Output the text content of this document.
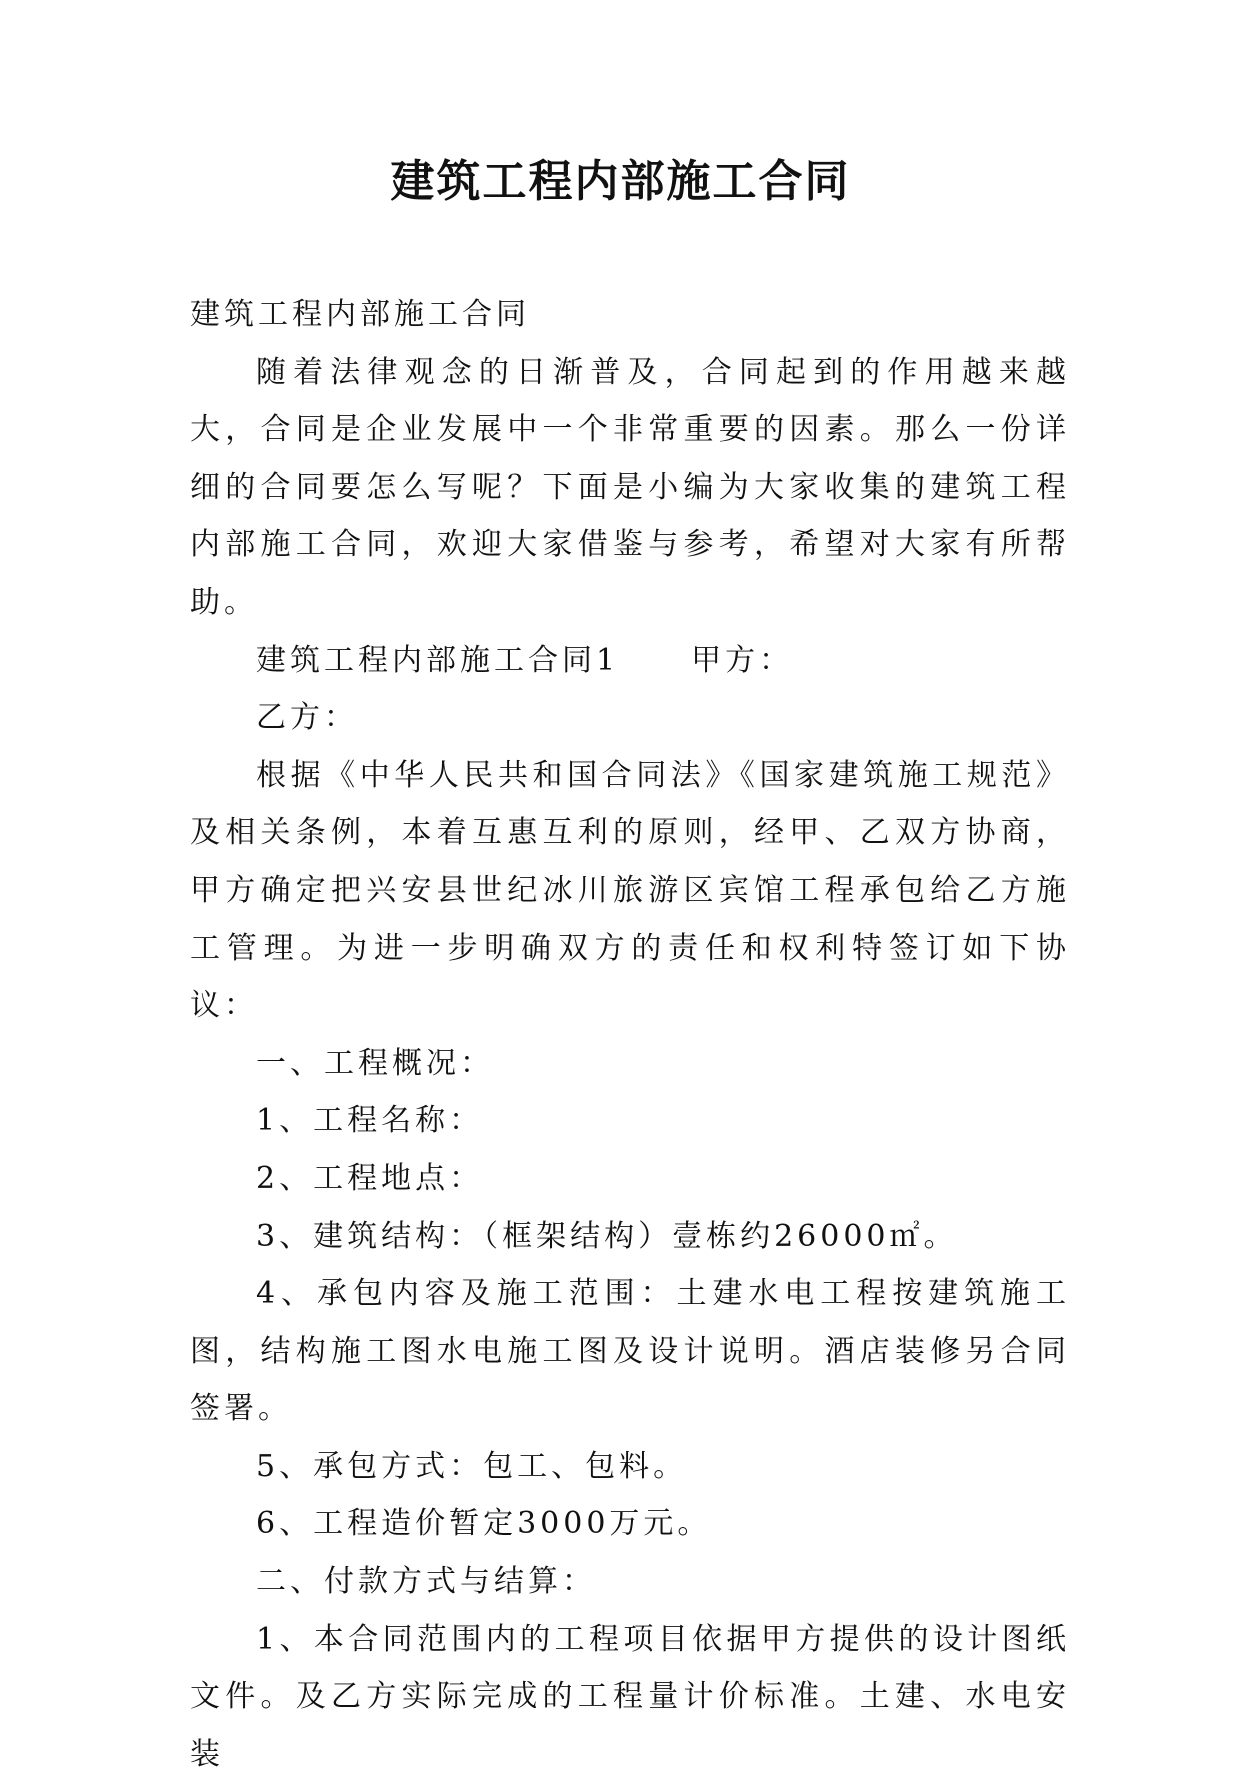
建筑工程内部施工合同

建筑工程内部施工合同

随着法律观念的日渐普及，合同起到的作用越来越大，合同是企业发展中一个非常重要的因素。那么一份详细的合同要怎么写呢？下面是小编为大家收集的建筑工程内部施工合同，欢迎大家借鉴与参考，希望对大家有所帮助。

建筑工程内部施工合同1 甲方：

乙方：

根据《中华人民共和国合同法》《国家建筑施工规范》及相关条例，本着互惠互利的原则，经甲、乙双方协商，甲方确定把兴安县世纪冰川旅游区宾馆工程承包给乙方施工管理。为进一步明确双方的责任和权利特签订如下协议：

一、工程概况：

1、工程名称：

2、工程地点：

3、建筑结构：（框架结构）壹栋约26000㎡。

4、承包内容及施工范围：土建水电工程按建筑施工图，结构施工图水电施工图及设计说明。酒店装修另合同签署。

5、承包方式：包工、包料。

6、工程造价暂定3000万元。

二、付款方式与结算：

1、本合同范围内的工程项目依据甲方提供的设计图纸文件。及乙方实际完成的工程量计价标准。土建、水电安装
